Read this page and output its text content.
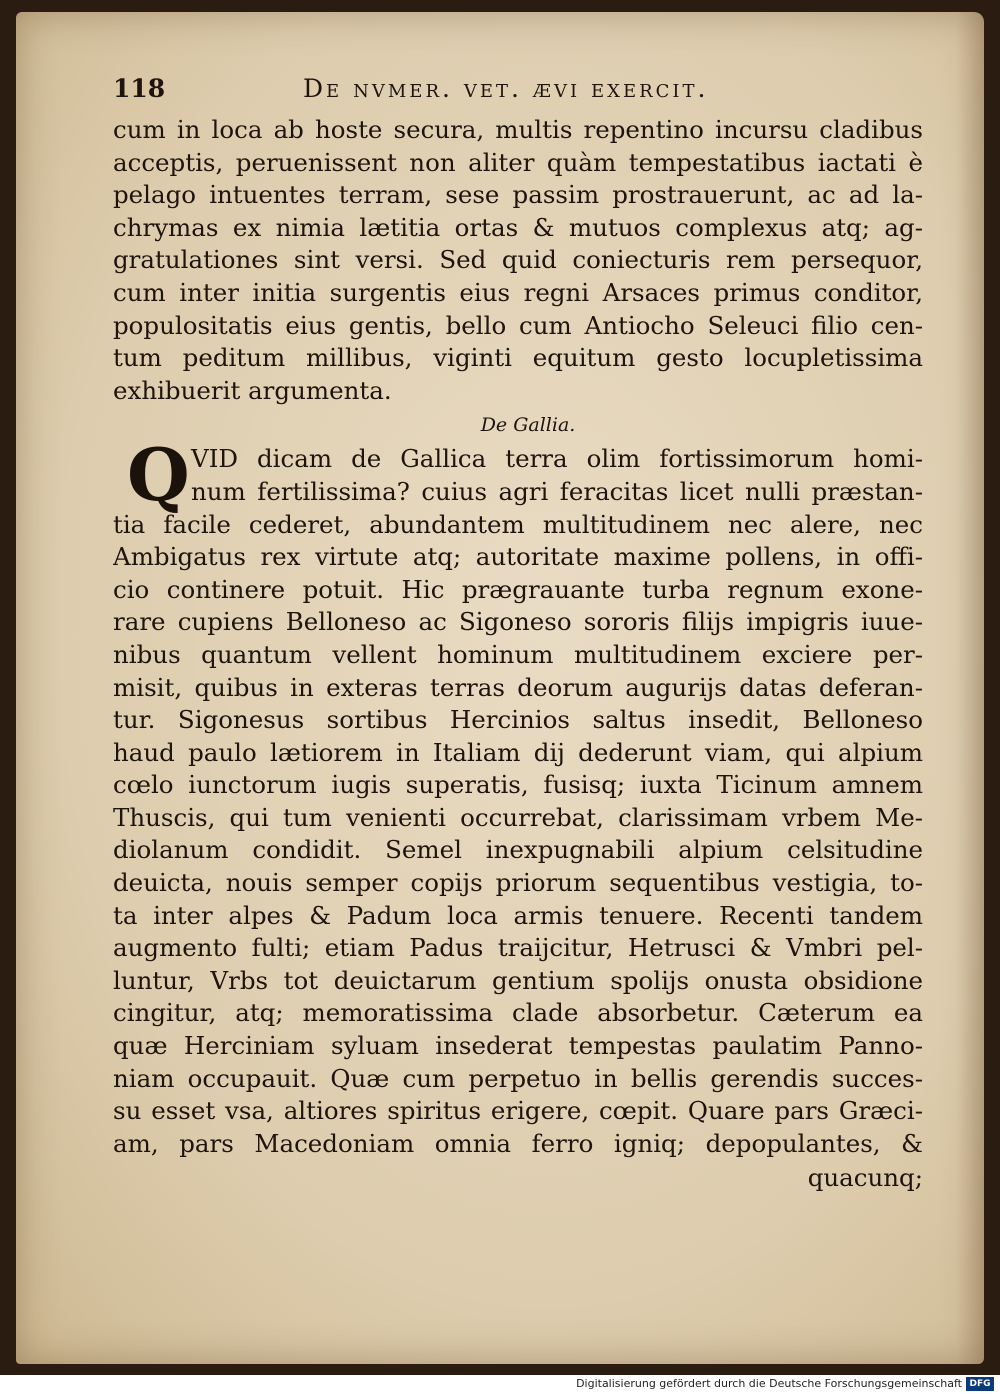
118	De nvmer. vet. ævi exercit.
cum in loca ab hoste secura, multis repentino incursu cladibus
acceptis, peruenissent non aliter quàm tempestatibus iactati è
pelago intuentes terram, sese passim prostrauerunt, ac ad la-
chrymas ex nimia lætitia ortas & mutuos complexus atq; ag-
gratulationes sint versi. Sed quid coniecturis rem persequor,
cum inter initia surgentis eius regni Arsaces primus conditor,
populositatis eius gentis, bello cum Antiocho Seleuci filio cen-
tum peditum millibus, viginti equitum gesto locupletissima
exhibuerit argumenta.
De Gallia.
Q VID dicam de Gallica terra olim fortissimorum homi-
num fertilissima? cuius agri feracitas licet nulli præstan-
tia facile cederet, abundantem multitudinem nec alere, nec
Ambigatus rex virtute atq; autoritate maxime pollens, in offi-
cio continere potuit. Hic prægrauante turba regnum exone-
rare cupiens Belloneso ac Sigoneso sororis filijs impigris iuue-
nibus quantum vellent hominum multitudinem exciere per-
misit, quibus in exteras terras deorum augurijs datas deferan-
tur. Sigonesus sortibus Hercinios saltus insedit, Belloneso
haud paulo lætiorem in Italiam dij dederunt viam, qui alpium
cœlo iunctorum iugis superatis, fusisq; iuxta Ticinum amnem
Thuscis, qui tum venienti occurrebat, clarissimam vrbem Me-
diolanum condidit. Semel inexpugnabili alpium celsitudine
deuicta, nouis semper copijs priorum sequentibus vestigia, to-
ta inter alpes & Padum loca armis tenuere. Recenti tandem
augmento fulti; etiam Padus traijcitur, Hetrusci & Vmbri pel-
luntur, Vrbs tot deuictarum gentium spolijs onusta obsidione
cingitur, atq; memoratissima clade absorbetur. Cæterum ea
quæ Herciniam syluam insederat tempestas paulatim Panno-
niam occupauit. Quæ cum perpetuo in bellis gerendis succes-
su esset vsa, altiores spiritus erigere, cœpit. Quare pars Græci-
am, pars Macedoniam omnia ferro igniq; depopulantes, &
quacunq;
Digitalisierung gefördert durch die Deutsche Forschungsgemeinschaft DFG
